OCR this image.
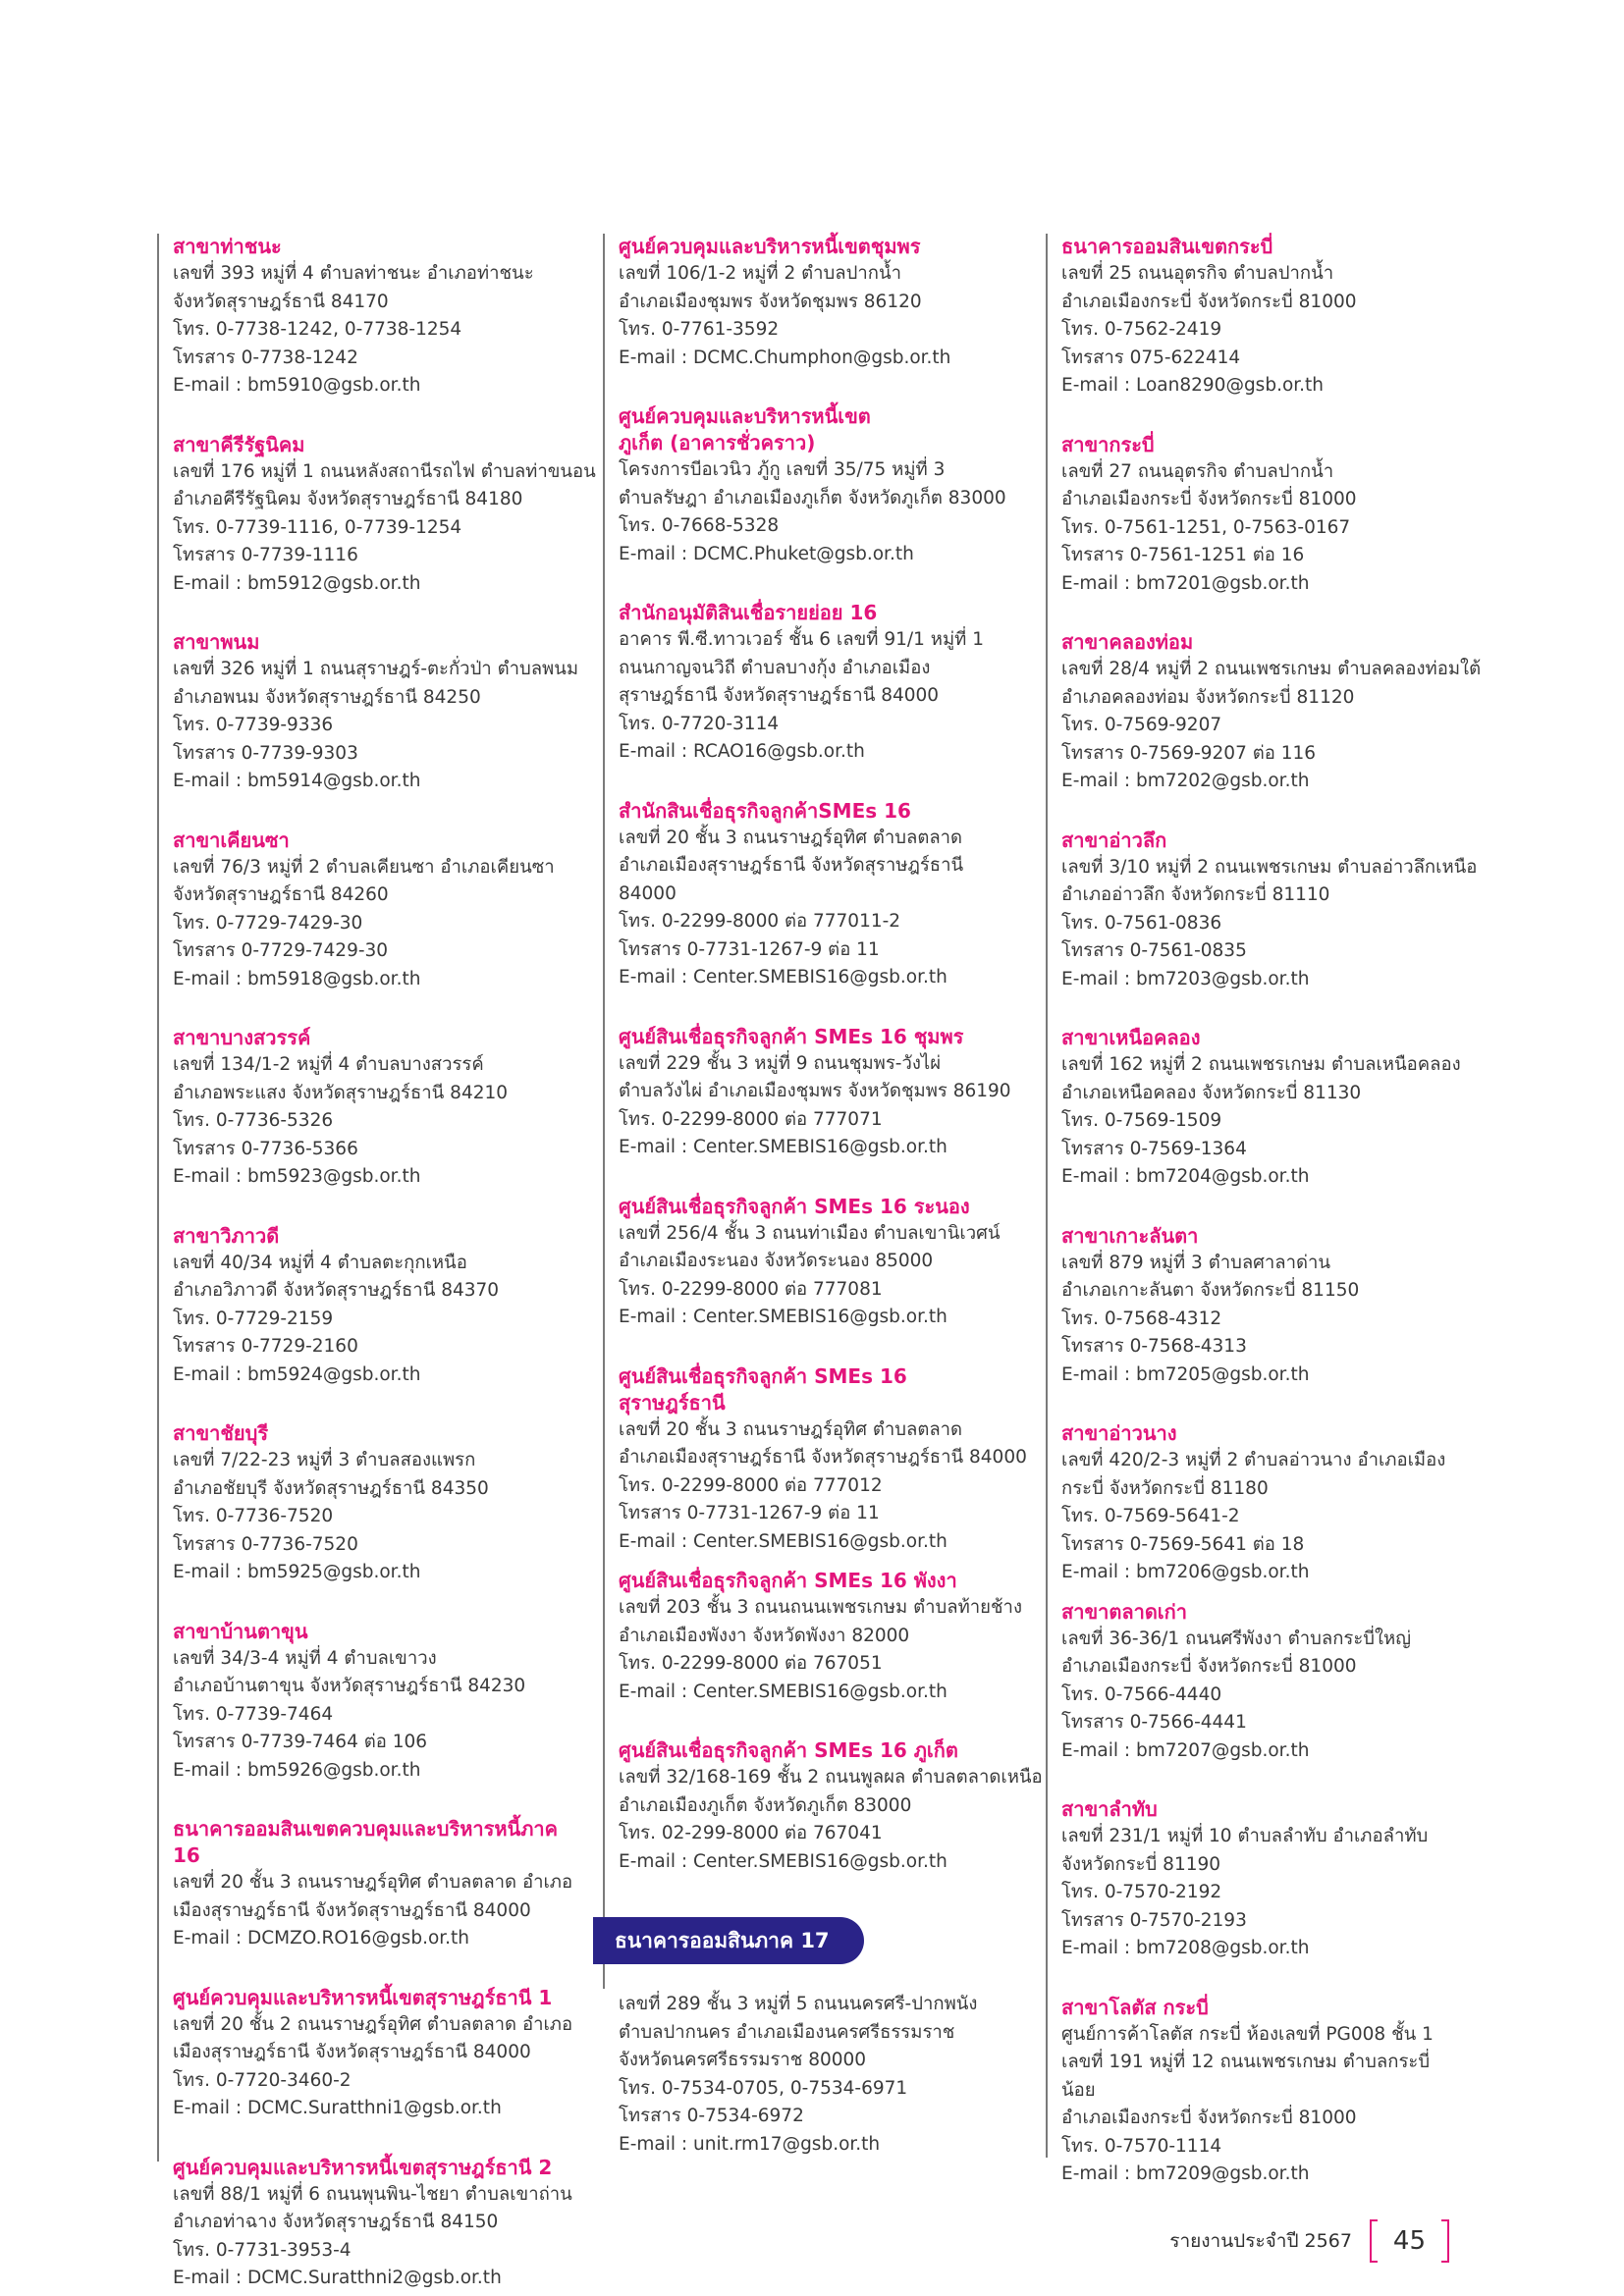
สาขาท่าชนะ
เลขที่ 393 หมู่ที่ 4 ตำบลท่าชนะ อำเภอท่าชนะ
จังหวัดสุราษฎร์ธานี 84170
โทร. 0-7738-1242, 0-7738-1254
โทรสาร 0-7738-1242
E-mail : bm5910@gsb.or.th
สาขาคีรีรัฐนิคม
เลขที่ 176 หมู่ที่ 1 ถนนหลังสถานีรถไฟ ตำบลท่าขนอน
อำเภอคีรีรัฐนิคม จังหวัดสุราษฎร์ธานี 84180
โทร. 0-7739-1116, 0-7739-1254
โทรสาร 0-7739-1116
E-mail : bm5912@gsb.or.th
สาขาพนม
เลขที่ 326 หมู่ที่ 1 ถนนสุราษฎร์-ตะกั่วป่า ตำบลพนม
อำเภอพนม จังหวัดสุราษฎร์ธานี 84250
โทร. 0-7739-9336
โทรสาร 0-7739-9303
E-mail : bm5914@gsb.or.th
สาขาเคียนซา
เลขที่ 76/3 หมู่ที่ 2 ตำบลเคียนซา อำเภอเคียนซา
จังหวัดสุราษฎร์ธานี 84260
โทร. 0-7729-7429-30
โทรสาร 0-7729-7429-30
E-mail : bm5918@gsb.or.th
สาขาบางสวรรค์
เลขที่ 134/1-2 หมู่ที่ 4 ตำบลบางสวรรค์
อำเภอพระแสง จังหวัดสุราษฎร์ธานี 84210
โทร. 0-7736-5326
โทรสาร 0-7736-5366
E-mail : bm5923@gsb.or.th
สาขาวิภาวดี
เลขที่ 40/34 หมู่ที่ 4 ตำบลตะกุกเหนือ
อำเภอวิภาวดี จังหวัดสุราษฎร์ธานี 84370
โทร. 0-7729-2159
โทรสาร 0-7729-2160
E-mail : bm5924@gsb.or.th
สาขาชัยบุรี
เลขที่ 7/22-23 หมู่ที่ 3 ตำบลสองแพรก
อำเภอชัยบุรี จังหวัดสุราษฎร์ธานี 84350
โทร. 0-7736-7520
โทรสาร 0-7736-7520
E-mail : bm5925@gsb.or.th
สาขาบ้านตาขุน
เลขที่ 34/3-4 หมู่ที่ 4 ตำบลเขาวง
อำเภอบ้านตาขุน จังหวัดสุราษฎร์ธานี 84230
โทร. 0-7739-7464
โทรสาร 0-7739-7464 ต่อ 106
E-mail : bm5926@gsb.or.th
ธนาคารออมสินเขตควบคุมและบริหารหนี้ภาค 16
เลขที่ 20 ชั้น 3 ถนนราษฎร์อุทิศ ตำบลตลาด อำเภอ
เมืองสุราษฎร์ธานี จังหวัดสุราษฎร์ธานี 84000
E-mail : DCMZO.RO16@gsb.or.th
ศูนย์ควบคุมและบริหารหนี้เขตสุราษฎร์ธานี 1
เลขที่ 20 ชั้น 2 ถนนราษฎร์อุทิศ ตำบลตลาด อำเภอ
เมืองสุราษฎร์ธานี จังหวัดสุราษฎร์ธานี 84000
โทร. 0-7720-3460-2
E-mail : DCMC.Suratthni1@gsb.or.th
ศูนย์ควบคุมและบริหารหนี้เขตสุราษฎร์ธานี 2
เลขที่ 88/1 หมู่ที่ 6 ถนนพุนพิน-ไชยา ตำบลเขาถ่าน
อำเภอท่าฉาง จังหวัดสุราษฎร์ธานี 84150
โทร. 0-7731-3953-4
E-mail : DCMC.Suratthni2@gsb.or.th
ศูนย์ควบคุมและบริหารหนี้เขตชุมพร
เลขที่ 106/1-2 หมู่ที่ 2 ตำบลปากน้ำ
อำเภอเมืองชุมพร จังหวัดชุมพร 86120
โทร. 0-7761-3592
E-mail : DCMC.Chumphon@gsb.or.th
ศูนย์ควบคุมและบริหารหนี้เขตภูเก็ต (อาคารชั่วคราว)
โครงการบีอเวนิว ภู้กู เลขที่ 35/75 หมู่ที่ 3
ตำบลรัษฎา อำเภอเมืองภูเก็ต จังหวัดภูเก็ต 83000
โทร. 0-7668-5328
E-mail : DCMC.Phuket@gsb.or.th
สำนักอนุมัติสินเชื่อรายย่อย 16
อาคาร พี.ซี.ทาวเวอร์ ชั้น 6 เลขที่ 91/1 หมู่ที่ 1
ถนนกาญจนวิถี ตำบลบางกุ้ง อำเภอเมือง
สุราษฎร์ธานี จังหวัดสุราษฎร์ธานี 84000
โทร. 0-7720-3114
E-mail : RCAO16@gsb.or.th
สำนักสินเชื่อธุรกิจลูกค้าSMEs 16
เลขที่ 20 ชั้น 3 ถนนราษฎร์อุทิศ ตำบลตลาด
อำเภอเมืองสุราษฎร์ธานี จังหวัดสุราษฎร์ธานี
84000
โทร. 0-2299-8000 ต่อ 777011-2
โทรสาร 0-7731-1267-9 ต่อ 11
E-mail : Center.SMEBIS16@gsb.or.th
ศูนย์สินเชื่อธุรกิจลูกค้า SMEs 16 ชุมพร
เลขที่ 229 ชั้น 3 หมู่ที่ 9 ถนนชุมพร-วังไผ่
ตำบลวังไผ่ อำเภอเมืองชุมพร จังหวัดชุมพร 86190
โทร. 0-2299-8000 ต่อ 777071
E-mail : Center.SMEBIS16@gsb.or.th
ศูนย์สินเชื่อธุรกิจลูกค้า SMEs 16 ระนอง
เลขที่ 256/4 ชั้น 3 ถนนท่าเมือง ตำบลเขานิเวศน์
อำเภอเมืองระนอง จังหวัดระนอง 85000
โทร. 0-2299-8000 ต่อ 777081
E-mail : Center.SMEBIS16@gsb.or.th
ศูนย์สินเชื่อธุรกิจลูกค้า SMEs 16 สุราษฎร์ธานี
เลขที่ 20 ชั้น 3 ถนนราษฎร์อุทิศ ตำบลตลาด
อำเภอเมืองสุราษฎร์ธานี จังหวัดสุราษฎร์ธานี 84000
โทร. 0-2299-8000 ต่อ 777012
โทรสาร 0-7731-1267-9 ต่อ 11
E-mail : Center.SMEBIS16@gsb.or.th
ศูนย์สินเชื่อธุรกิจลูกค้า SMEs 16 พังงา
เลขที่ 203 ชั้น 3 ถนนถนนเพชรเกษม ตำบลท้ายช้าง
อำเภอเมืองพังงา จังหวัดพังงา 82000
โทร. 0-2299-8000 ต่อ 767051
E-mail : Center.SMEBIS16@gsb.or.th
ศูนย์สินเชื่อธุรกิจลูกค้า SMEs 16 ภูเก็ต
เลขที่ 32/168-169 ชั้น 2 ถนนพูลผล ตำบลตลาดเหนือ
อำเภอเมืองภูเก็ต จังหวัดภูเก็ต 83000
โทร. 02-299-8000 ต่อ 767041
E-mail : Center.SMEBIS16@gsb.or.th
ธนาคารออมสินเขตกระบี่
เลขที่ 25 ถนนอุตรกิจ ตำบลปากน้ำ
อำเภอเมืองกระบี่ จังหวัดกระบี่ 81000
โทร. 0-7562-2419
โทรสาร 075-622414
E-mail : Loan8290@gsb.or.th
สาขากระบี่
เลขที่ 27 ถนนอุตรกิจ ตำบลปากน้ำ
อำเภอเมืองกระบี่ จังหวัดกระบี่ 81000
โทร. 0-7561-1251, 0-7563-0167
โทรสาร 0-7561-1251 ต่อ 16
E-mail : bm7201@gsb.or.th
สาขาคลองท่อม
เลขที่ 28/4 หมู่ที่ 2 ถนนเพชรเกษม ตำบลคลองท่อมใต้
อำเภอคลองท่อม จังหวัดกระบี่ 81120
โทร. 0-7569-9207
โทรสาร 0-7569-9207 ต่อ 116
E-mail : bm7202@gsb.or.th
สาขาอ่าวลึก
เลขที่ 3/10 หมู่ที่ 2 ถนนเพชรเกษม ตำบลอ่าวลึกเหนือ
อำเภออ่าวลึก จังหวัดกระบี่ 81110
โทร. 0-7561-0836
โทรสาร 0-7561-0835
E-mail : bm7203@gsb.or.th
สาขาเหนือคลอง
เลขที่ 162 หมู่ที่ 2 ถนนเพชรเกษม ตำบลเหนือคลอง
อำเภอเหนือคลอง จังหวัดกระบี่ 81130
โทร. 0-7569-1509
โทรสาร 0-7569-1364
E-mail : bm7204@gsb.or.th
สาขาเกาะลันตา
เลขที่ 879 หมู่ที่ 3 ตำบลศาลาด่าน
อำเภอเกาะลันตา จังหวัดกระบี่ 81150
โทร. 0-7568-4312
โทรสาร 0-7568-4313
E-mail : bm7205@gsb.or.th
สาขาอ่าวนาง
เลขที่ 420/2-3 หมู่ที่ 2 ตำบลอ่าวนาง อำเภอเมือง
กระบี่ จังหวัดกระบี่ 81180
โทร. 0-7569-5641-2
โทรสาร 0-7569-5641 ต่อ 18
E-mail : bm7206@gsb.or.th
สาขาตลาดเก่า
เลขที่ 36-36/1 ถนนศรีพังงา ตำบลกระบี่ใหญ่
อำเภอเมืองกระบี่ จังหวัดกระบี่ 81000
โทร. 0-7566-4440
โทรสาร 0-7566-4441
E-mail : bm7207@gsb.or.th
สาขาลำทับ
เลขที่ 231/1 หมู่ที่ 10 ตำบลลำทับ อำเภอลำทับ
จังหวัดกระบี่ 81190
โทร. 0-7570-2192
โทรสาร 0-7570-2193
E-mail : bm7208@gsb.or.th
สาขาโลตัส กระบี่
ศูนย์การค้าโลตัส กระบี่ ห้องเลขที่ PG008 ชั้น 1
เลขที่ 191 หมู่ที่ 12 ถนนเพชรเกษม ตำบลกระบี่
น้อย
อำเภอเมืองกระบี่ จังหวัดกระบี่ 81000
โทร. 0-7570-1114
E-mail : bm7209@gsb.or.th
ธนาคารออมสินภาค 17
เลขที่ 289 ชั้น 3 หมู่ที่ 5 ถนนนครศรี-ปากพนัง
ตำบลปากนคร อำเภอเมืองนครศรีธรรมราช
จังหวัดนครศรีธรรมราช 80000
โทร. 0-7534-0705, 0-7534-6971
โทรสาร 0-7534-6972
E-mail : unit.rm17@gsb.or.th
รายงานประจำปี 2567	45
